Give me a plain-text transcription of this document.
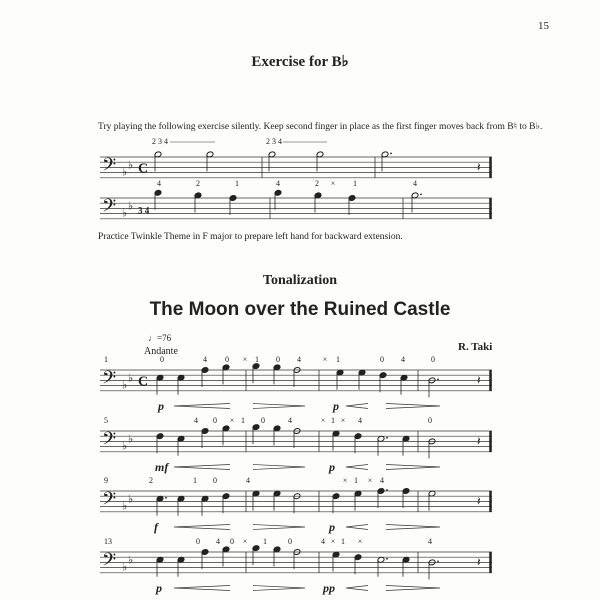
15
Exercise for B♭
Try playing the following exercise silently. Keep second finger in place as the first finger moves back from B♮ to B♭.
Practice Twinkle Theme in F major to prepare left hand for backward extension.
Tonalization
The Moon over the Ruined Castle
R. Taki
♩=76
Andante
𝄢 ♭
♭ C	𝄽
2 3 4	2 3 4
𝄢 ♭
♭ 3 4
4	2	1	4	2 × 1	4
𝄢 ♭
♭ C
1
𝄽
0	4 0 × 1 0 4	× 1	0 4	0
p	p
𝄢 ♭
♭
5
𝄽
4 0 × 1 0	4	× 1 × 4	0
mf	p
𝄢 ♭
♭
9
𝄽
2	1 0	4	× 1 × 4
f	p
𝄢 ♭
♭
13
𝄽
0 4 0 × 1	0	4 × 1 ×	4
p	pp
